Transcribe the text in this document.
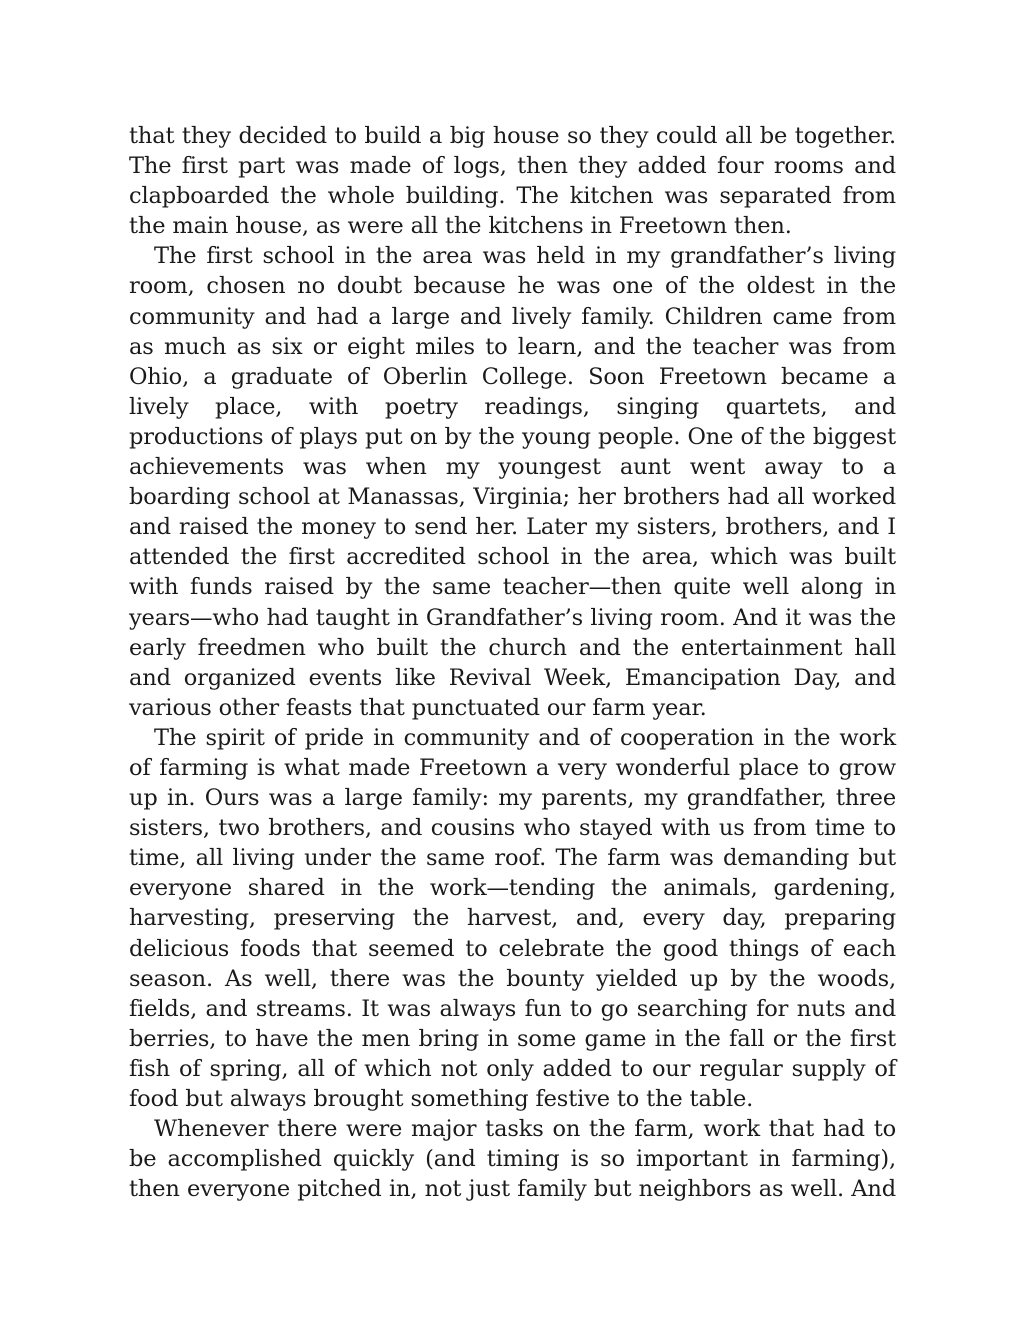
that they decided to build a big house so they could all be together. The first part was made of logs, then they added four rooms and clapboarded the whole building. The kitchen was separated from the main house, as were all the kitchens in Freetown then.

The first school in the area was held in my grandfather’s living room, chosen no doubt because he was one of the oldest in the community and had a large and lively family. Children came from as much as six or eight miles to learn, and the teacher was from Ohio, a graduate of Oberlin College. Soon Freetown became a lively place, with poetry readings, singing quartets, and productions of plays put on by the young people. One of the biggest achievements was when my youngest aunt went away to a boarding school at Manassas, Virginia; her brothers had all worked and raised the money to send her. Later my sisters, brothers, and I attended the first accredited school in the area, which was built with funds raised by the same teacher—then quite well along in years—who had taught in Grandfather’s living room. And it was the early freedmen who built the church and the entertainment hall and organized events like Revival Week, Emancipation Day, and various other feasts that punctuated our farm year.

The spirit of pride in community and of cooperation in the work of farming is what made Freetown a very wonderful place to grow up in. Ours was a large family: my parents, my grandfather, three sisters, two brothers, and cousins who stayed with us from time to time, all living under the same roof. The farm was demanding but everyone shared in the work—tending the animals, gardening, harvesting, preserving the harvest, and, every day, preparing delicious foods that seemed to celebrate the good things of each season. As well, there was the bounty yielded up by the woods, fields, and streams. It was always fun to go searching for nuts and berries, to have the men bring in some game in the fall or the first fish of spring, all of which not only added to our regular supply of food but always brought something festive to the table.

Whenever there were major tasks on the farm, work that had to be accomplished quickly (and timing is so important in farming), then everyone pitched in, not just family but neighbors as well. And
